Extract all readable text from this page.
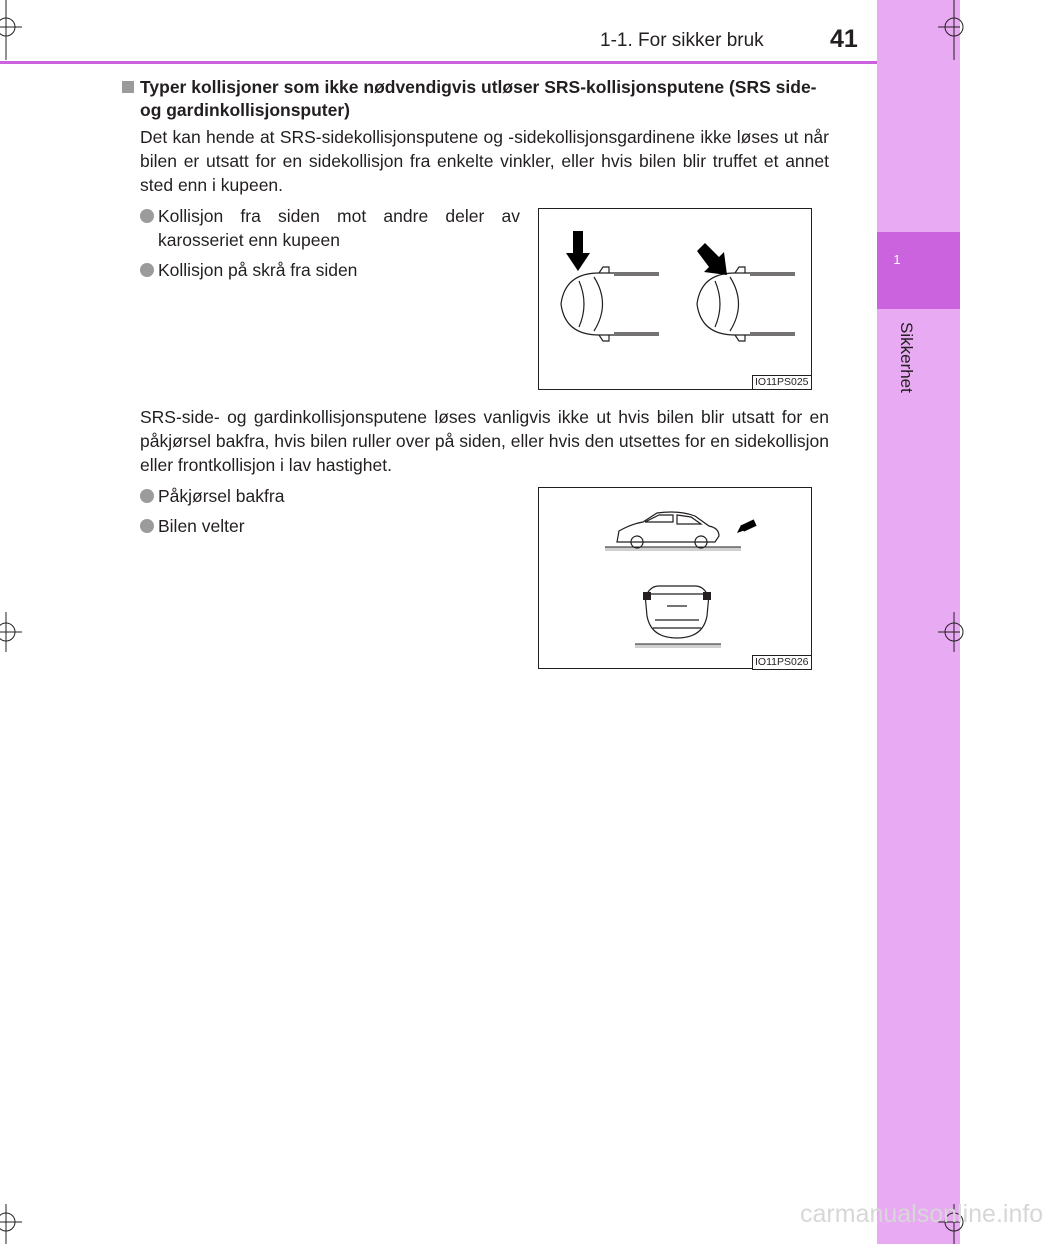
1
Sikkerhet
1-1. For sikker bruk	41
Typer kollisjoner som ikke nødvendigvis utløser SRS-kollisjonsputene (SRS side- og gardinkollisjonsputer)
Det kan hende at SRS-sidekollisjonsputene og -sidekollisjonsgardinene ikke løses ut når bilen er utsatt for en sidekollisjon fra enkelte vinkler, eller hvis bilen blir truffet et annet sted enn i kupeen.
Kollisjon fra siden mot andre deler av karosseriet enn kupeen
Kollisjon på skrå fra siden
IO11PS025
SRS-side- og gardinkollisjonsputene løses vanligvis ikke ut hvis bilen blir utsatt for en påkjørsel bakfra, hvis bilen ruller over på siden, eller hvis den utsettes for en sidekollisjon eller frontkollisjon i lav hastighet.
Påkjørsel bakfra
Bilen velter
IO11PS026
carmanualsonline.info
